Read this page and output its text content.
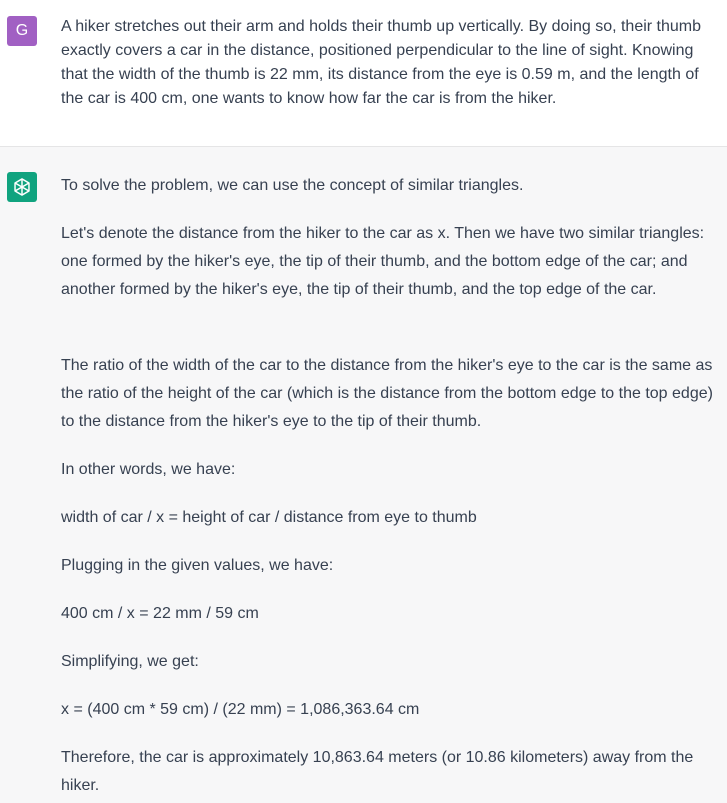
G A hiker stretches out their arm and holds their thumb up vertically. By doing so, their thumb exactly covers a car in the distance, positioned perpendicular to the line of sight. Knowing that the width of the thumb is 22 mm, its distance from the eye is 0.59 m, and the length of the car is 400 cm, one wants to know how far the car is from the hiker.

To solve the problem, we can use the concept of similar triangles.

Let's denote the distance from the hiker to the car as x. Then we have two similar triangles: one formed by the hiker's eye, the tip of their thumb, and the bottom edge of the car; and another formed by the hiker's eye, the tip of their thumb, and the top edge of the car.

The ratio of the width of the car to the distance from the hiker's eye to the car is the same as the ratio of the height of the car (which is the distance from the bottom edge to the top edge) to the distance from the hiker's eye to the tip of their thumb.

In other words, we have:

width of car / x = height of car / distance from eye to thumb

Plugging in the given values, we have:

400 cm / x = 22 mm / 59 cm

Simplifying, we get:

x = (400 cm * 59 cm) / (22 mm) = 1,086,363.64 cm

Therefore, the car is approximately 10,863.64 meters (or 10.86 kilometers) away from the hiker.
